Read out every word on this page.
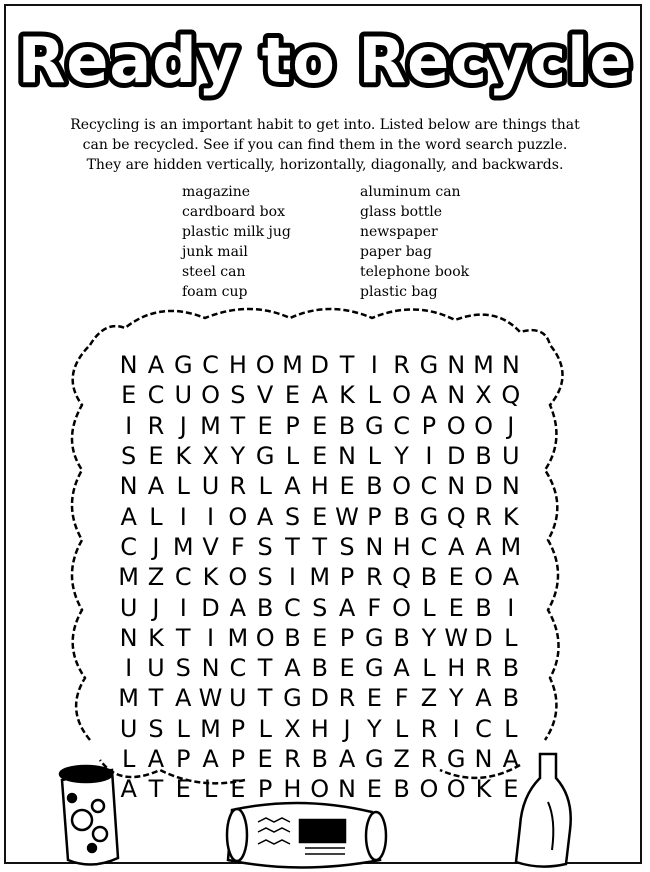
Ready to Recycle
Recycling is an important habit to get into. Listed below are things that
can be recycled. See if you can find them in the word search puzzle.
They are hidden vertically, horizontally, diagonally, and backwards.
magazine
cardboard box
plastic milk jug
junk mail
steel can
foam cup
aluminum can
glass bottle
newspaper
paper bag
telephone book
plastic bag
N A G C H O M D T I R G N M N
E C U O S V E A K L O A N X Q
I R J M T E P E B G C P O O J
S E K X Y G L E N L Y I D B U
N A L U R L A H E B O C N D N
A L I I O A S E W P B G Q R K
C J M V F S T T S N H C A A M
M Z C K O S I M P R Q B E O A
U J I D A B C S A F O L E B I
N K T I M O B E P G B Y W D L
I U S N C T A B E G A L H R B
M T A W U T G D R E F Z Y A B
U S L M P L X H J Y L R I C L
L A P A P E R B A G Z R G N A
A T E L E P H O N E B O O K E
